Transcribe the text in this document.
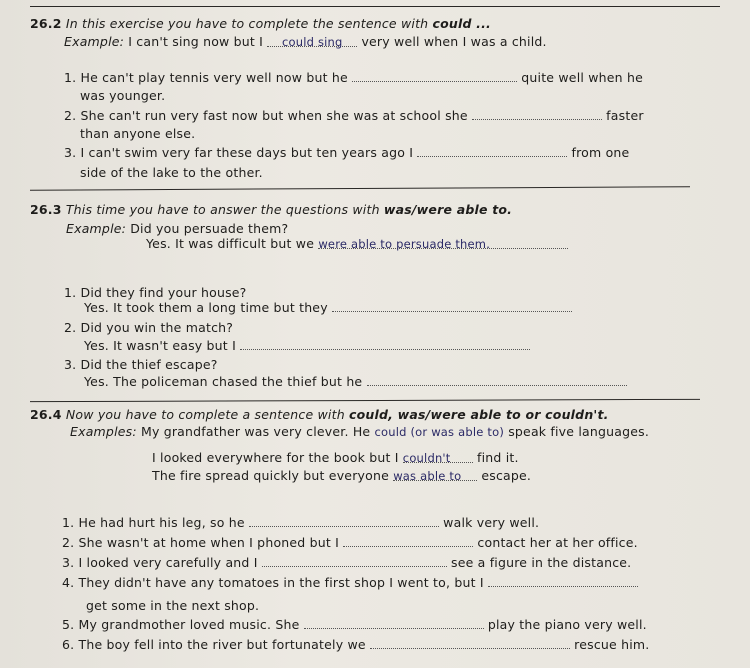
26.2 In this exercise you have to complete the sentence with could ...
Example: I can't sing now but I could sing very well when I was a child.
1. He can't play tennis very well now but he	quite well when he
was younger.
2. She can't run very fast now but when she was at school she	faster
than anyone else.
3. I can't swim very far these days but ten years ago I	from one
side of the lake to the other.
26.3 This time you have to answer the questions with was/were able to.
Example: Did you persuade them?
Yes. It was difficult but we were able to persuade them.
1. Did they find your house?
Yes. It took them a long time but they
2. Did you win the match?
Yes. It wasn't easy but I
3. Did the thief escape?
Yes. The policeman chased the thief but he
26.4 Now you have to complete a sentence with could, was/were able to or couldn't.
Examples: My grandfather was very clever. He could (or was able to) speak five languages.
I looked everywhere for the book but I couldn't find it.
The fire spread quickly but everyone was able to escape.
1. He had hurt his leg, so he	walk very well.
2. She wasn't at home when I phoned but I	contact her at her office.
3. I looked very carefully and I	see a figure in the distance.
4. They didn't have any tomatoes in the first shop I went to, but I
get some in the next shop.
5. My grandmother loved music. She	play the piano very well.
6. The boy fell into the river but fortunately we	rescue him.
